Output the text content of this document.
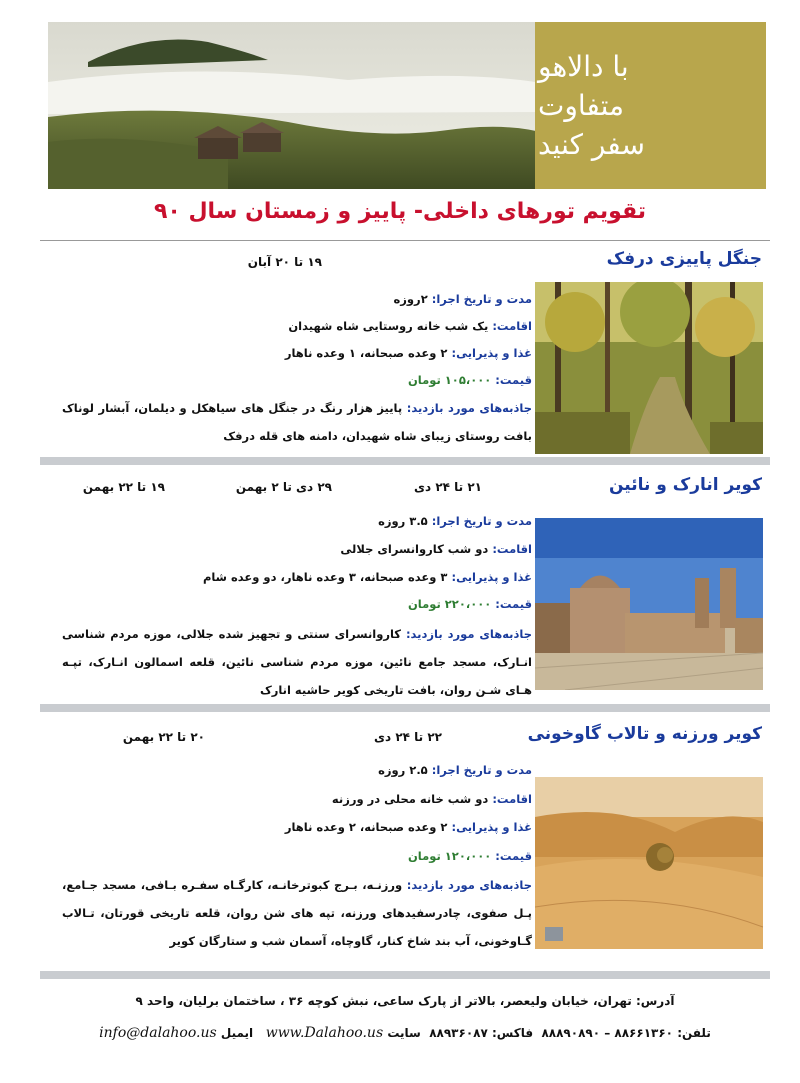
با دالاهو
متفاوت
سفر کنید
تقویم تورهای داخلی- پاییز و زمستان سال ۹۰
جنگل پاییزی درفک
۱۹ تا ۲۰ آبان
مدت و تاریخ اجرا: ۲روزه
اقامت: یک شب خانه روستایی شاه شهیدان
غذا و پذیرایی: ۲ وعده صبحانه، ۱ وعده ناهار
قیمت: ۱۰۵،۰۰۰ تومان
جاذبه‌های مورد بازدید: پاییز هزار رنگ در جنگل های سیاهکل و دیلمان، آبشار لوناک بافت روستای زیبای شاه شهیدان، دامنه های قله درفک
کویر انارک و نائین
۲۱ تا ۲۴ دی
۲۹ دی تا ۲ بهمن
۱۹ تا ۲۲ بهمن
مدت و تاریخ اجرا: ۳.۵ روزه
اقامت: دو شب کاروانسرای جلالی
غذا و پذیرایی: ۳ وعده صبحانه، ۳ وعده ناهار، دو وعده شام
قیمت: ۲۲۰،۰۰۰ تومان
جاذبه‌های مورد بازدید: کاروانسرای سنتی و تجهیز شده جلالی، موزه مردم شناسی انـارک، مسجد جامع نائین، موزه مردم شناسی نائین، قلعه اسمالون انـارک، تپـه هـای شـن روان، بافت تاریخی کویر حاشیه انارک
کویر ورزنه و تالاب گاوخونی
۲۲ تا ۲۴ دی
۲۰ تا ۲۲ بهمن
مدت و تاریخ اجرا: ۲.۵ روزه
اقامت: دو شب خانه محلی در ورزنه
غذا و پذیرایی: ۲ وعده صبحانه، ۲ وعده ناهار
قیمت: ۱۲۰،۰۰۰ تومان
جاذبه‌های مورد بازدید: ورزنـه، بـرج کبوترخانـه، کارگـاه سفـره بـافی، مسجد جـامع، پـل صفوی، چادرسفیدهای ورزنه، تپه های شن روان، قلعه تاریخی قورتان، تـالاب گـاوخونی، آب بند شاخ کنار، گاوچاه، آسمان شب و ستارگان کویر
آدرس: تهران، خیابان ولیعصر، بالاتر از پارک ساعی، نبش کوچه ۳۶ ، ساختمان برلیان، واحد ۹
تلفن: ۸۸۶۶۱۳۶۰ – ۸۸۸۹۰۸۹۰  فاکس: ۸۸۹۳۶۰۸۷  سایت www.Dalahoo.us   ایمیل info@dalahoo.us
